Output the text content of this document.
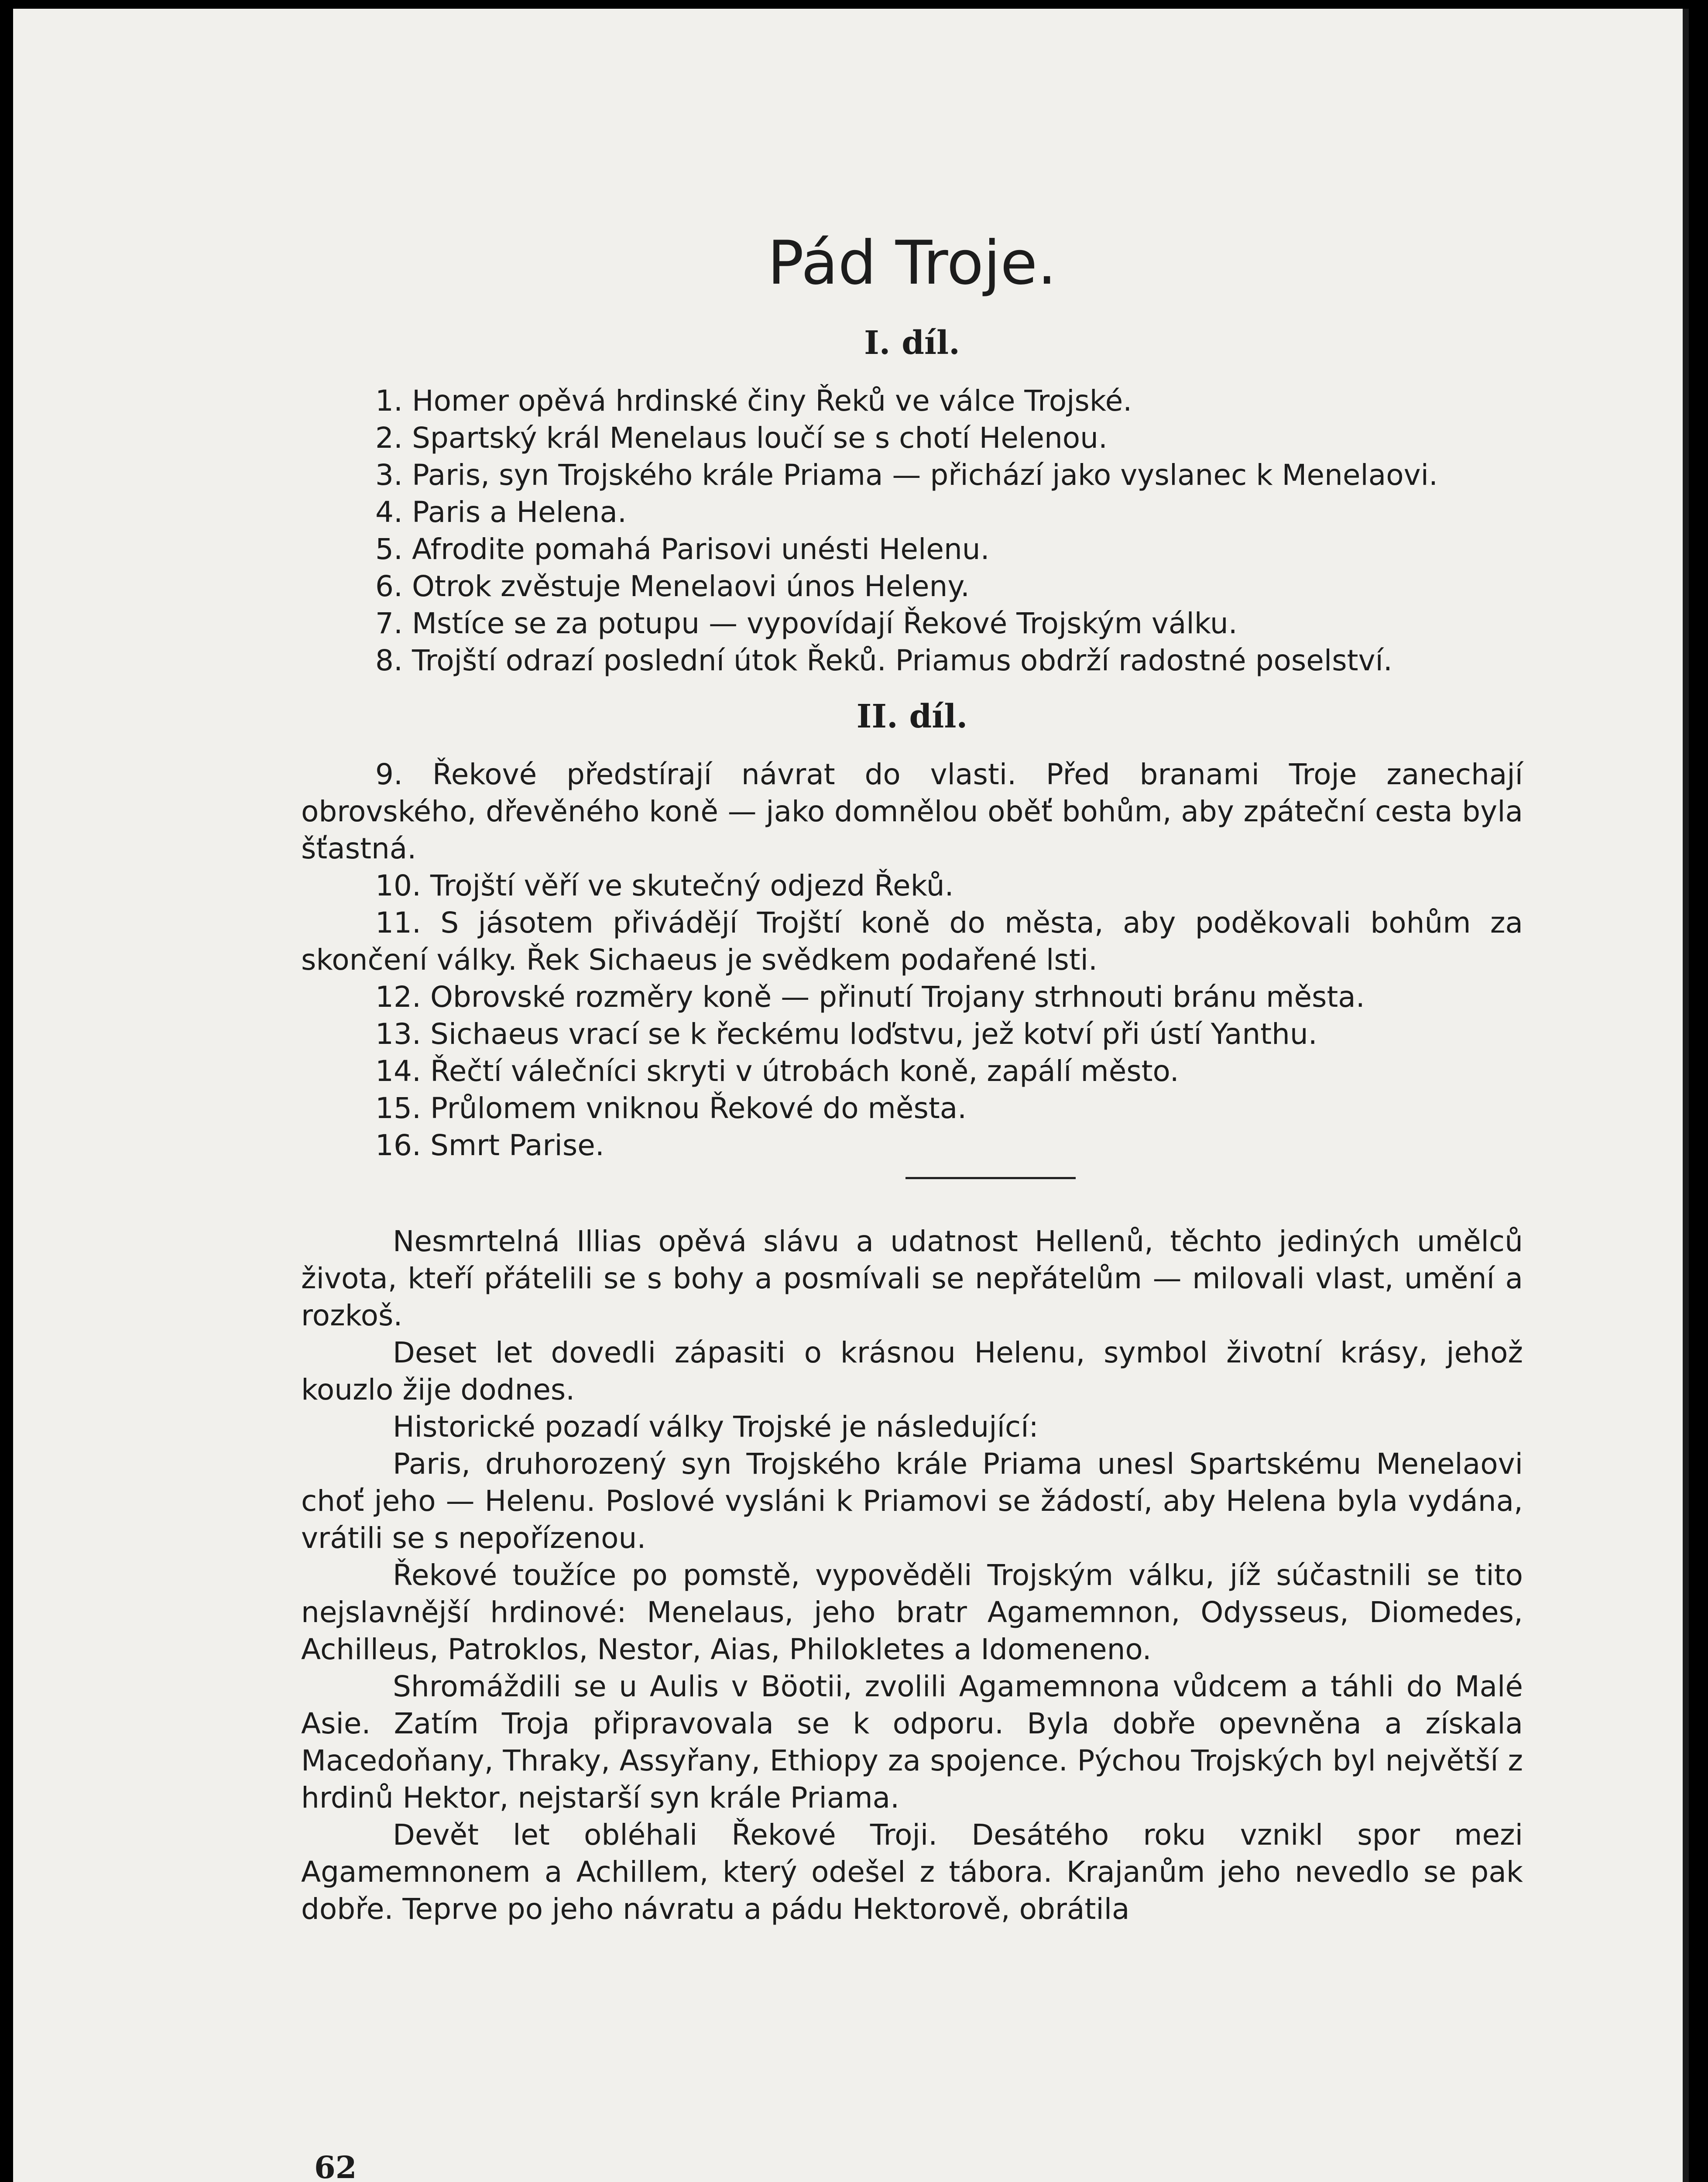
Pád Troje.
I. díl.
1. Homer opěvá hrdinské činy Řeků ve válce Trojské.
2. Spartský král Menelaus loučí se s chotí Helenou.
3. Paris, syn Trojského krále Priama — přichází jako vyslanec k Menelaovi.
4. Paris a Helena.
5. Afrodite pomahá Parisovi unésti Helenu.
6. Otrok zvěstuje Menelaovi únos Heleny.
7. Mstíce se za potupu — vypovídají Řekové Trojským válku.
8. Trojští odrazí poslední útok Řeků. Priamus obdrží radostné poselství.
II. díl.
9. Řekové předstírají návrat do vlasti. Před branami Troje zanechají obrovského, dřevěného koně — jako domnělou oběť bohům, aby zpáteční cesta byla šťastná.
10. Trojští věří ve skutečný odjezd Řeků.
11. S jásotem přivádějí Trojští koně do města, aby poděkovali bohům za skončení války. Řek Sichaeus je svědkem podařené lsti.
12. Obrovské rozměry koně — přinutí Trojany strhnouti bránu města.
13. Sichaeus vrací se k řeckému loďstvu, jež kotví při ústí Yanthu.
14. Řečtí válečníci skryti v útrobách koně, zapálí město.
15. Průlomem vniknou Řekové do města.
16. Smrt Parise.

Nesmrtelná Illias opěvá slávu a udatnost Hellenů, těchto jediných umělců života, kteří přátelili se s bohy a posmívali se nepřátelům — milovali vlast, umění a rozkoš.

Deset let dovedli zápasiti o krásnou Helenu, symbol životní krásy, jehož kouzlo žije dodnes.

Historické pozadí války Trojské je následující:

Paris, druhorozený syn Trojského krále Priama unesl Spartskému Menelaovi choť jeho — Helenu. Poslové vysláni k Priamovi se žádostí, aby Helena byla vydána, vrátili se s nepořízenou.

Řekové toužíce po pomstě, vypověděli Trojským válku, jíž súčastnili se tito nejslavnější hrdinové: Menelaus, jeho bratr Agamemnon, Odysseus, Diomedes, Achilleus, Patroklos, Nestor, Aias, Philokletes a Idomeneno.

Shromáždili se u Aulis v Böotii, zvolili Agamemnona vůdcem a táhli do Malé Asie. Zatím Troja připravovala se k odporu. Byla dobře opevněna a získala Macedoňany, Thraky, Assyřany, Ethiopy za spojence. Pýchou Trojských byl největší z hrdinů Hektor, nejstarší syn krále Priama.

Devět let obléhali Řekové Troji. Desátého roku vznikl spor mezi Agamemnonem a Achillem, který odešel z tábora. Krajanům jeho nevedlo se pak dobře. Teprve po jeho návratu a pádu Hektorově, obrátila

62
